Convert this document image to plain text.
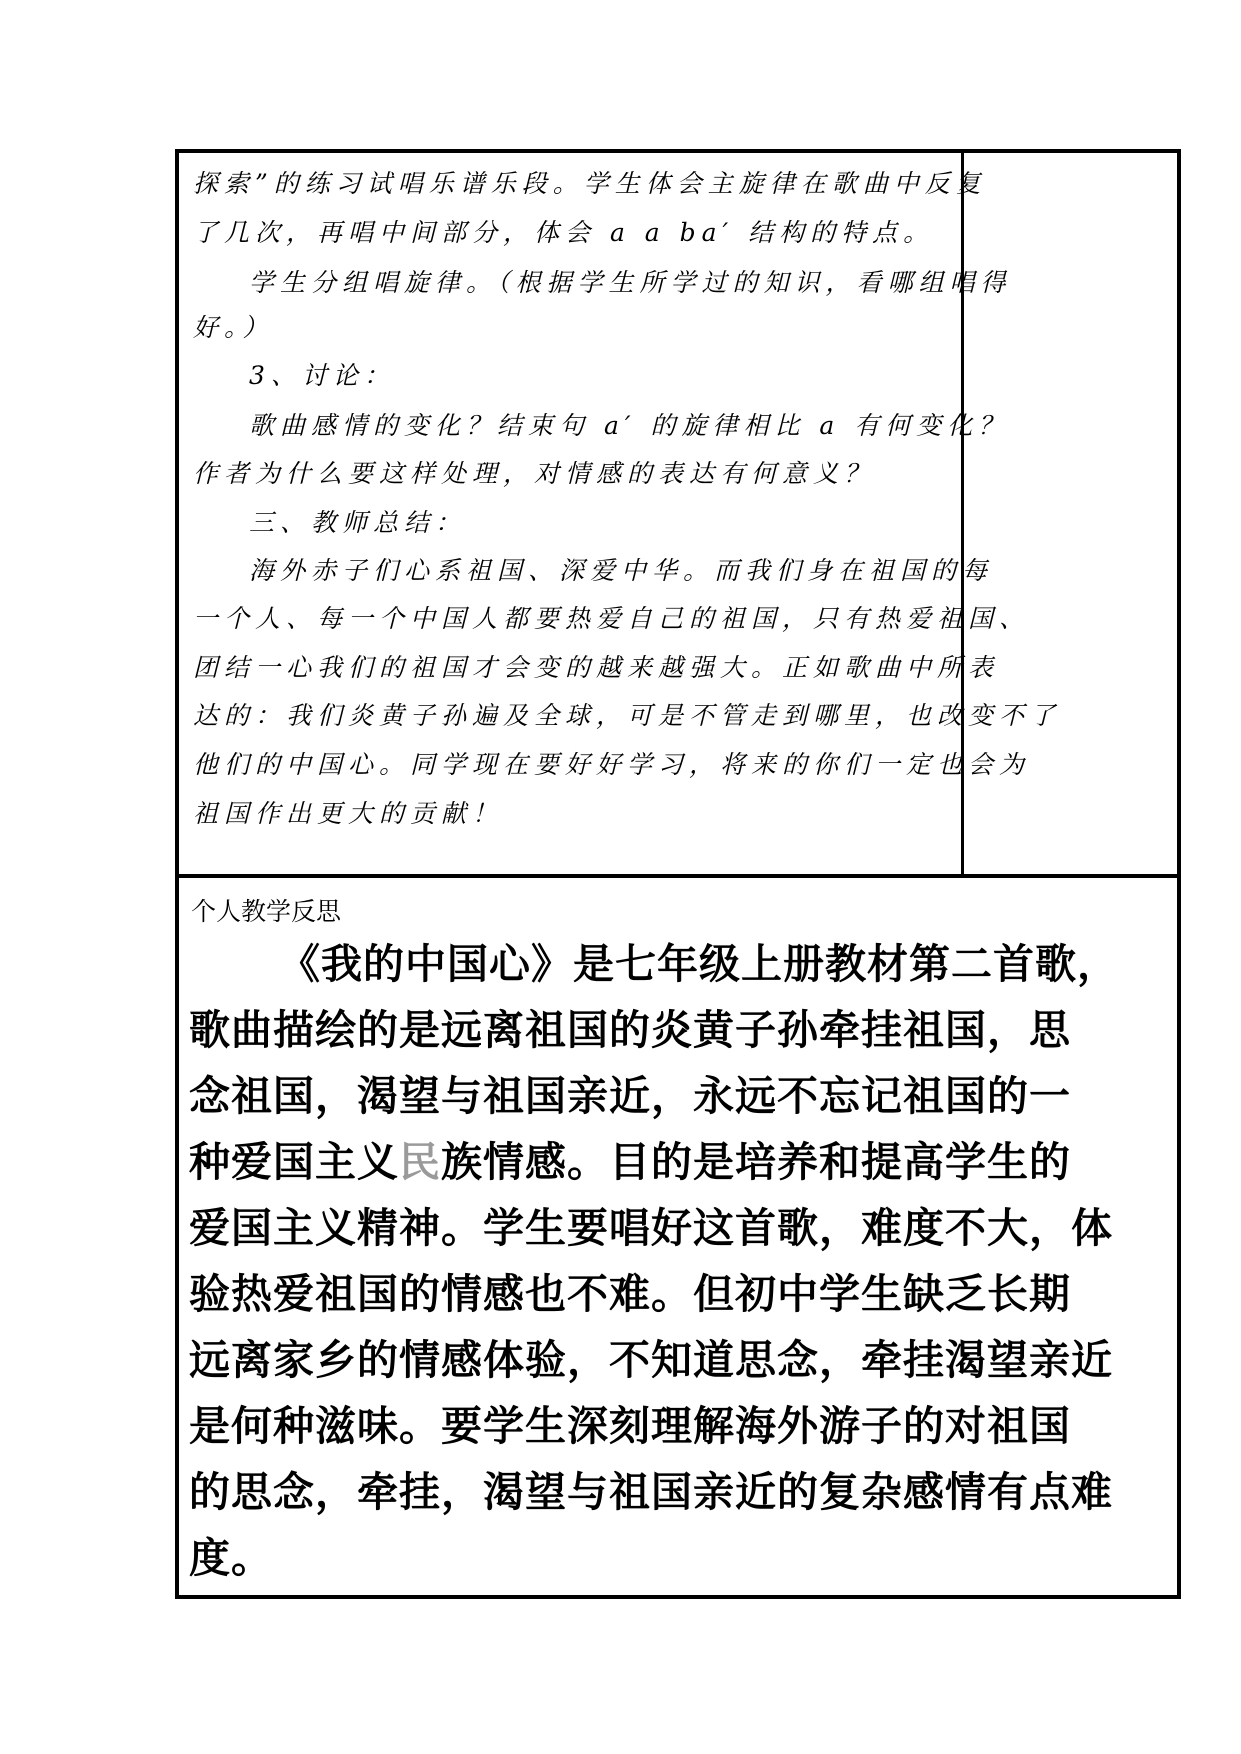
探索”的练习试唱乐谱乐段。学生体会主旋律在歌曲中反复

了几次，再唱中间部分，体会 a a ba′ 结构的特点。

学生分组唱旋律。（根据学生所学过的知识，看哪组唱得

好。）

3、讨论：

歌曲感情的变化？结束句 a′ 的旋律相比 a 有何变化？

作者为什么要这样处理，对情感的表达有何意义？

三、教师总结：

海外赤子们心系祖国、深爱中华。而我们身在祖国的每

一个人、每一个中国人都要热爱自己的祖国，只有热爱祖国、

团结一心我们的祖国才会变的越来越强大。正如歌曲中所表

达的：我们炎黄子孙遍及全球，可是不管走到哪里，也改变不了

他们的中国心。同学现在要好好学习，将来的你们一定也会为

祖国作出更大的贡献！

个人教学反思

《我的中国心》是七年级上册教材第二首歌，

歌曲描绘的是远离祖国的炎黄子孙牵挂祖国，思

念祖国，渴望与祖国亲近，永远不忘记祖国的一

种爱国主义民族情感。目的是培养和提高学生的

爱国主义精神。学生要唱好这首歌，难度不大，体

验热爱祖国的情感也不难。但初中学生缺乏长期

远离家乡的情感体验，不知道思念，牵挂渴望亲近

是何种滋味。要学生深刻理解海外游子的对祖国

的思念，牵挂，渴望与祖国亲近的复杂感情有点难

度。
